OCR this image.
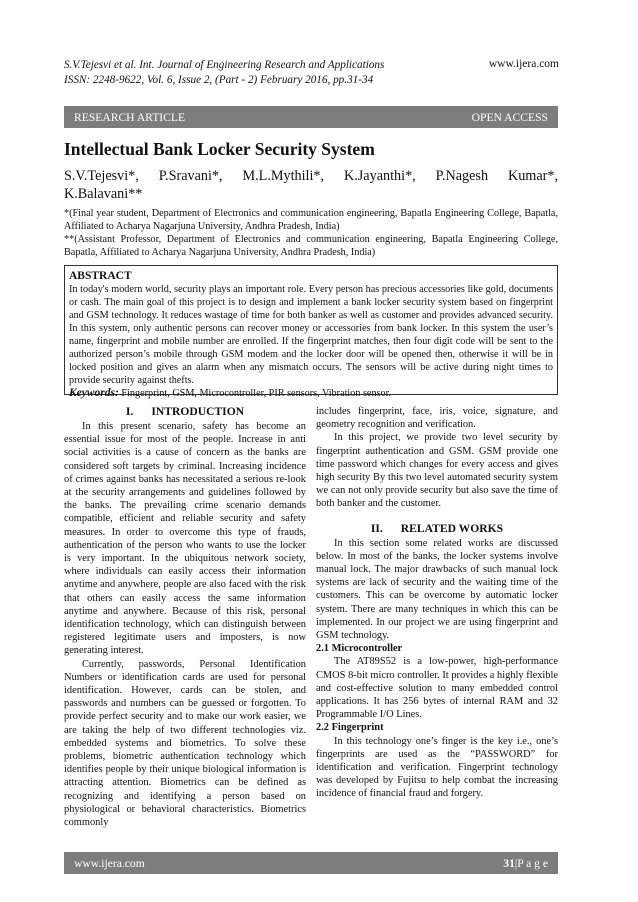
S.V.Tejesvi et al. Int. Journal of Engineering Research and Applications
ISSN: 2248-9622, Vol. 6, Issue 2, (Part - 2) February 2016, pp.31-34
www.ijera.com
RESEARCH ARTICLE	OPEN ACCESS
Intellectual Bank Locker Security System
S.V.Tejesvi*, P.Sravani*, M.L.Mythili*, K.Jayanthi*, P.Nagesh Kumar*, K.Balavani**

*(Final year student, Department of Electronics and communication engineering, Bapatla Engineering College, Bapatla, Affiliated to Acharya Nagarjuna University, Andhra Pradesh, India)

**(Assistant Professor, Department of Electronics and communication engineering, Bapatla Engineering College, Bapatla, Affiliated to Acharya Nagarjuna University, Andhra Pradesh, India)

ABSTRACT

In today's modern world, security plays an important role. Every person has precious accessories like gold, documents or cash. The main goal of this project is to design and implement a bank locker security system based on fingerprint and GSM technology. It reduces wastage of time for both banker as well as customer and provides advanced security. In this system, only authentic persons can recover money or accessories from bank locker. In this system the user’s name, fingerprint and mobile number are enrolled. If the fingerprint matches, then four digit code will be sent to the authorized person’s mobile through GSM modem and the locker door will be opened then, otherwise it will be in locked position and gives an alarm when any mismatch occurs. The sensors will be active during night times to provide security against thefts.

Keywords: Fingerprint, GSM, Microcontroller, PIR sensors, Vibration sensor.

I. INTRODUCTION

In this present scenario, safety has become an essential issue for most of the people. Increase in anti social activities is a cause of concern as the banks are considered soft targets by criminal. Increasing incidence of crimes against banks has necessitated a serious re-look at the security arrangements and guidelines followed by the banks. The prevailing crime scenario demands compatible, efficient and reliable security and safety measures. In order to overcome this type of frauds, authentication of the person who wants to use the locker is very important. In the ubiquitous network society, where individuals can easily access their information anytime and anywhere, people are also faced with the risk that others can easily access the same information anytime and anywhere. Because of this risk, personal identification technology, which can distinguish between registered legitimate users and imposters, is now generating interest.

Currently, passwords, Personal Identification Numbers or identification cards are used for personal identification. However, cards can be stolen, and passwords and numbers can be guessed or forgotten. To provide perfect security and to make our work easier, we are taking the help of two different technologies viz. embedded systems and biometrics. To solve these problems, biometric authentication technology which identifies people by their unique biological information is attracting attention. Biometrics can be defined as recognizing and identifying a person based on physiological or behavioral characteristics. Biometrics commonly

includes fingerprint, face, iris, voice, signature, and geometry recognition and verification.

In this project, we provide two level security by fingerprint authentication and GSM. GSM provide one time password which changes for every access and gives high security By this two level automated security system we can not only provide security but also save the time of both banker and the customer.

II. RELATED WORKS

In this section some related works are discussed below. In most of the banks, the locker systems involve manual lock. The major drawbacks of such manual lock systems are lack of security and the waiting time of the customers. This can be overcome by automatic locker system. There are many techniques in which this can be implemented. In our project we are using fingerprint and GSM technology.

2.1 Microcontroller

The AT89S52 is a low-power, high-performance CMOS 8-bit micro controller. It provides a highly flexible and cost-effective solution to many embedded control applications. It has 256 bytes of internal RAM and 32 Programmable I/O Lines.

2.2 Fingerprint

In this technology one’s finger is the key i.e., one’s fingerprints are used as the “PASSWORD” for identification and verification. Fingerprint technology was developed by Fujitsu to help combat the increasing incidence of financial fraud and forgery.

www.ijera.com	31|P a g e
